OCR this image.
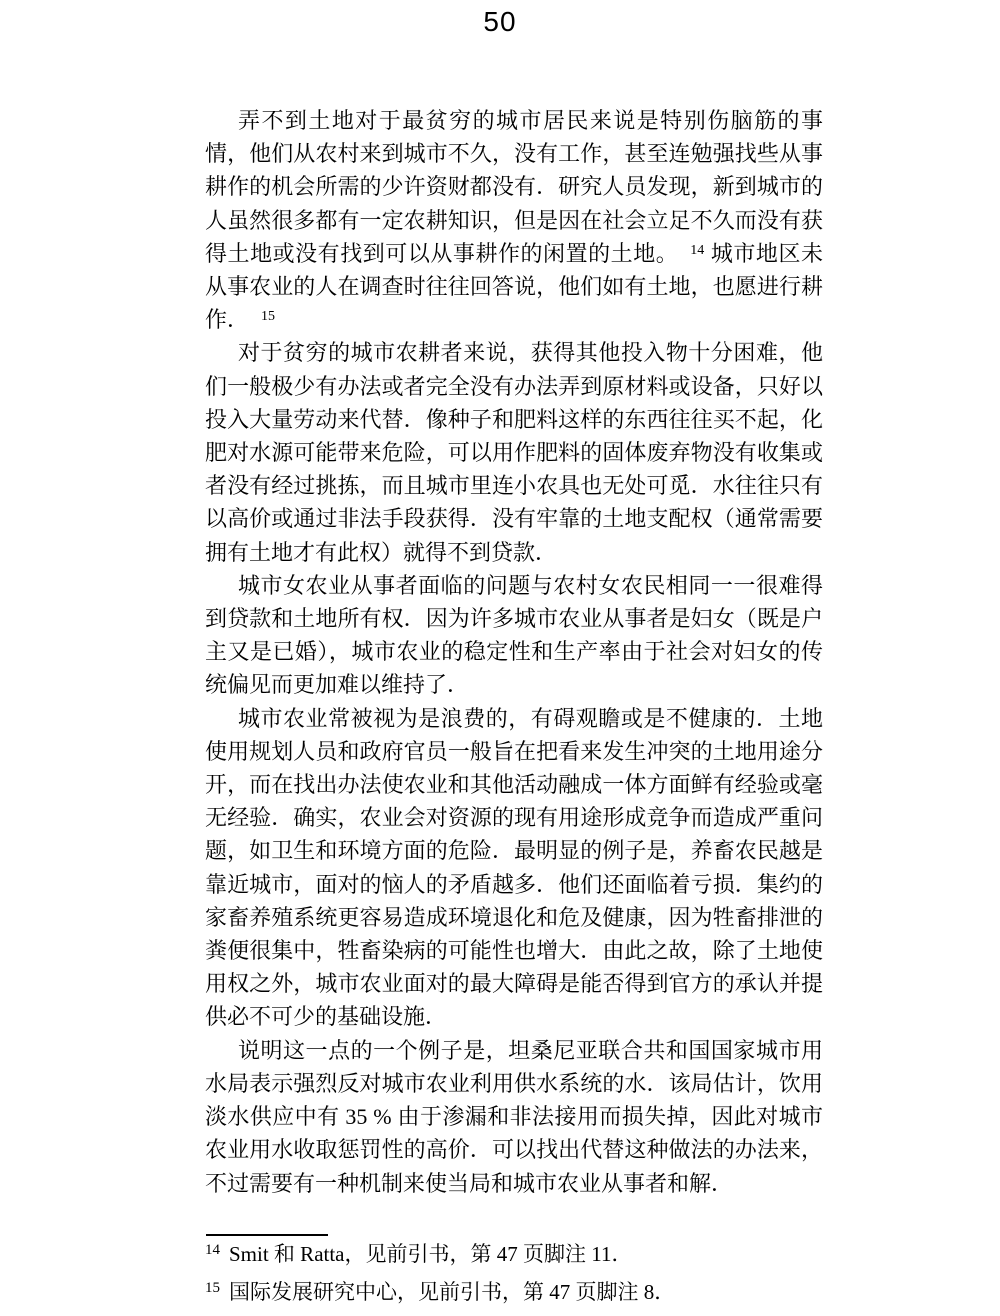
50

弄不到土地对于最贫穷的城市居民来说是特别伤脑筋的事情，他们从农村来到城市不久，没有工作，甚至连勉强找些从事耕作的机会所需的少许资财都没有．研究人员发现，新到城市的人虽然很多都有一定农耕知识，但是因在社会立足不久而没有获得土地或没有找到可以从事耕作的闲置的土地。 $^{14}$ 城市地区未从事农业的人在调查时往往回答说，他们如有土地，也愿进行耕作． $^{15}$

对于贫穷的城市农耕者来说，获得其他投入物十分困难，他们一般极少有办法或者完全没有办法弄到原材料或设备，只好以投入大量劳动来代替．像种子和肥料这样的东西往往买不起，化肥对水源可能带来危险，可以用作肥料的固体废弃物没有收集或者没有经过挑拣，而且城市里连小农具也无处可觅．水往往只有以高价或通过非法手段获得．没有牢靠的土地支配权（通常需要拥有土地才有此权）就得不到贷款．

城市女农业从事者面临的问题与农村女农民相同一一很难得到贷款和土地所有权．因为许多城市农业从事者是妇女（既是户主又是已婚），城市农业的稳定性和生产率由于社会对妇女的传统偏见而更加难以维持了．

城市农业常被视为是浪费的，有碍观瞻或是不健康的．土地使用规划人员和政府官员一般旨在把看来发生冲突的土地用途分开，而在找出办法使农业和其他活动融成一体方面鲜有经验或毫无经验．确实，农业会对资源的现有用途形成竞争而造成严重问题，如卫生和环境方面的危险．最明显的例子是，养畜农民越是靠近城市，面对的恼人的矛盾越多．他们还面临着亏损．集约的家畜养殖系统更容易造成环境退化和危及健康，因为牲畜排泄的粪便很集中，牲畜染病的可能性也增大．由此之故，除了土地使用权之外，城市农业面对的最大障碍是能否得到官方的承认并提供必不可少的基础设施．

说明这一点的一个例子是，坦桑尼亚联合共和国国家城市用水局表示强烈反对城市农业利用供水系统的水．该局估计，饮用淡水供应中有 35 % 由于渗漏和非法接用而损失掉，因此对城市农业用水收取惩罚性的高价．可以找出代替这种做法的办法来，不过需要有一种机制来使当局和城市农业从事者和解．

$^{14}$ Smit 和 Ratta，见前引书，第 47 页脚注 11．
$^{15}$ 国际发展研究中心，见前引书，第 47 页脚注 8．
